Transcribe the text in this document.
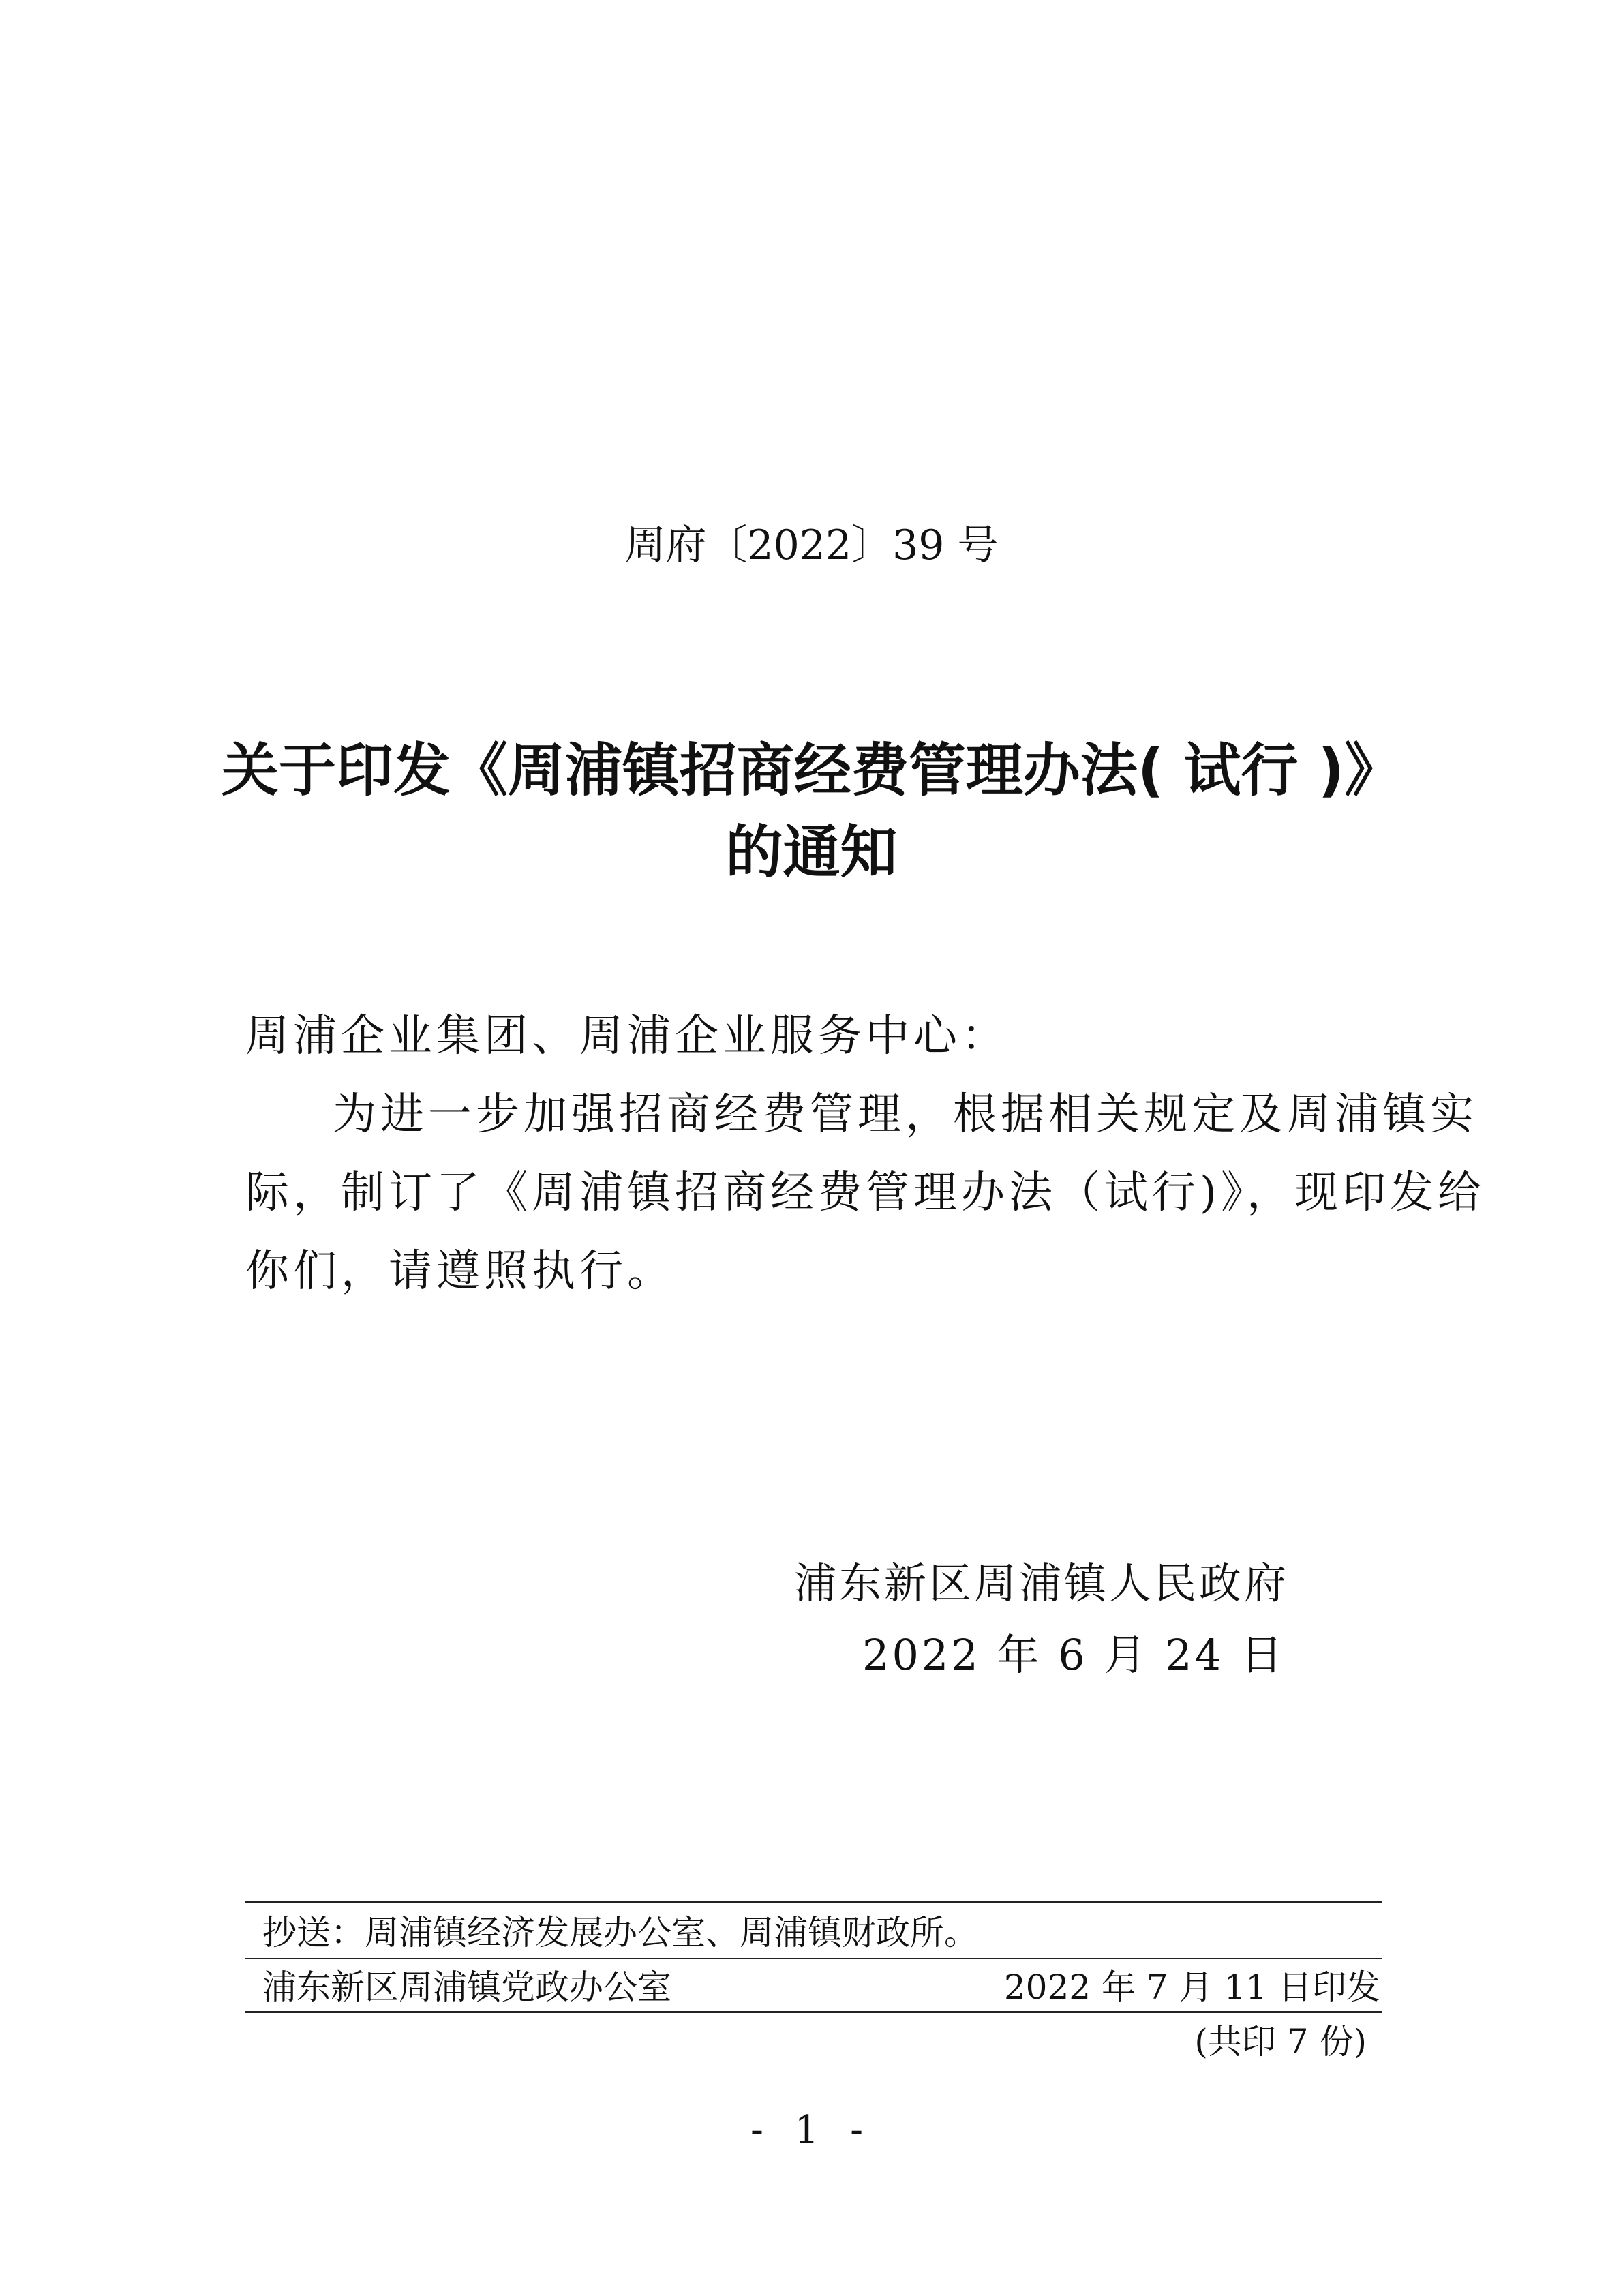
周府〔2022〕39 号
关于印发《周浦镇招商经费管理办法( 试行 )》
的通知
周浦企业集团、周浦企业服务中心：
为进一步加强招商经费管理，根据相关规定及周浦镇实
际，制订了《周浦镇招商经费管理办法（试行)》，现印发给
你们，请遵照执行。
浦东新区周浦镇人民政府
2022 年 6 月 24 日
抄送：周浦镇经济发展办公室、周浦镇财政所。
浦东新区周浦镇党政办公室	2022 年 7 月 11 日印发
(共印 7 份)
- 1 -
